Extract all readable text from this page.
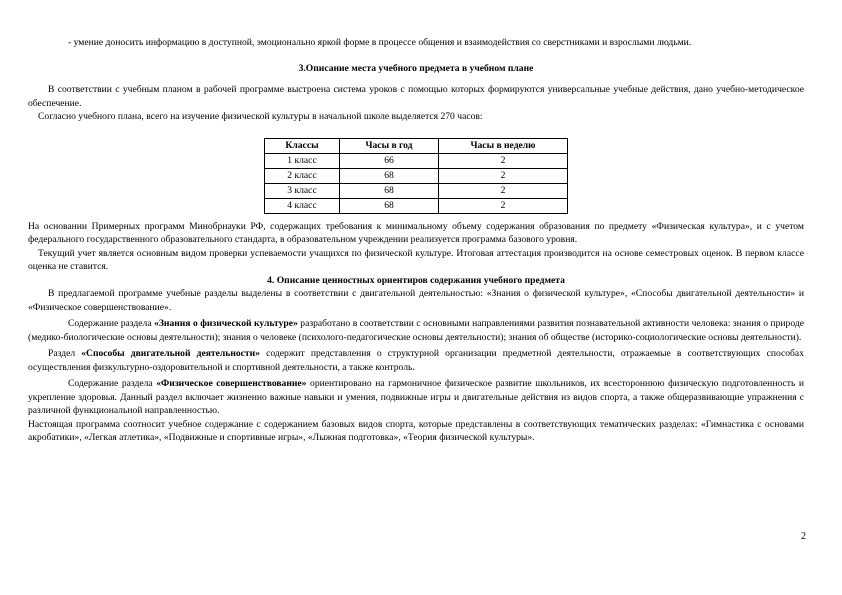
- умение доносить информацию в доступной, эмоционально яркой форме в процессе общения и взаимодействия со сверстниками и взрослыми людьми.

3.Описание места учебного предмета в учебном плане

В соответствии с учебным планом в рабочей программе выстроена система уроков с помощью которых формируются универсальные учебные действия, дано учебно-методическое обеспечение.

Согласно учебного плана, всего на изучение физической культуры в начальной школе выделяется 270 часов:

Классы	Часы в год	Часы в неделю
1 класс	66	2
2 класс	68	2
3 класс	68	2
4 класс	68	2

На основании Примерных программ Минобрнауки РФ, содержащих требования к минимальному объему содержания образования по предмету «Физическая культура», и с учетом федерального государственного образовательного стандарта, в образовательном учреждении реализуется программа базового уровня.

Текущий учет является основным видом проверки успеваемости учащихся по физической культуре. Итоговая аттестация производится на основе семестровых оценок. В первом классе оценка не ставится.

4. Описание ценностных ориентиров содержания учебного предмета

В предлагаемой программе учебные разделы выделены в соответствии с двигательной деятельностью: «Знания о физической культуре», «Способы двигательной деятельности» и «Физическое совершенствование».

Содержание раздела «Знания о физической культуре» разработано в соответствии с основными направлениями развития познавательной активности человека: знания о природе (медико-биологические основы деятельности); знания о человеке (психолого-педагогические основы деятельности); знания об обществе (историко-социологические основы деятельности).

Раздел «Способы двигательной деятельности» содержит представления о структурной организации предметной деятельности, отражаемые в соответствующих способах осуществления физкультурно-оздоровительной и спортивной деятельности, а также контроль.

Содержание раздела «Физическое совершенствование» ориентировано на гармоничное физическое развитие школьников, их всестороннюю физическую подготовленность и укрепление здоровья. Данный раздел включает жизненно важные навыки и умения, подвижные игры и двигательные действия из видов спорта, а также общеразвивающие упражнения с различной функциональной направленностью.

Настоящая программа соотносит учебное содержание с содержанием базовых видов спорта, которые представлены в соответствующих тематических разделах: «Гимнастика с основами акробатики», «Легкая атлетика», «Подвижные и спортивные игры», «Лыжная подготовка», «Теория физической культуры».

2
